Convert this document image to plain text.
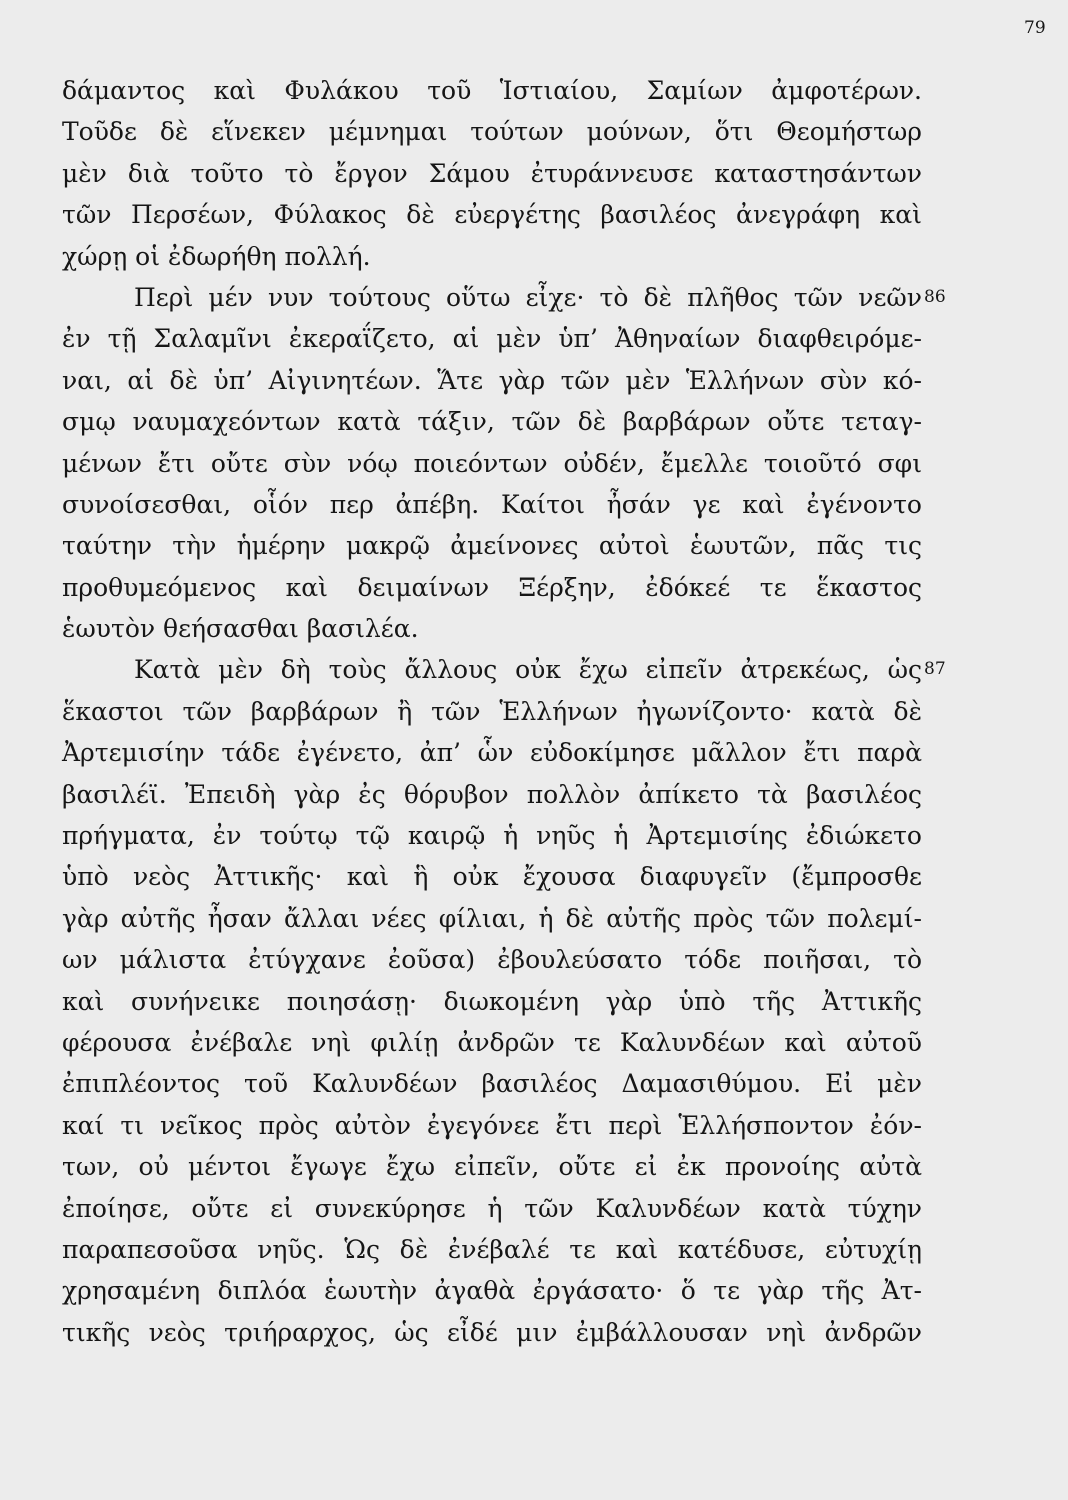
79
δάμαντος καὶ Φυλάκου τοῦ Ἱστιαίου, Σαμίων ἀμφοτέρων.
Τοῦδε δὲ εἵνεκεν μέμνημαι τούτων μούνων, ὅτι Θεομήστωρ
μὲν διὰ τοῦτο τὸ ἔργον Σάμου ἐτυράννευσε καταστησάντων
τῶν Περσέων, Φύλακος δὲ εὐεργέτης βασιλέος ἀνεγράφη καὶ
χώρῃ οἱ ἐδωρήθη πολλή.
Περὶ μέν νυν τούτους οὕτω εἶχε· τὸ δὲ πλῆθος τῶν νεῶν 86
ἐν τῇ Σαλαμῖνι ἐκεραΐζετο, αἱ μὲν ὑπ’ Ἀθηναίων διαφθειρόμε-
ναι, αἱ δὲ ὑπ’ Αἰγινητέων. Ἅτε γὰρ τῶν μὲν Ἑλλήνων σὺν κό-
σμῳ ναυμαχεόντων κατὰ τάξιν, τῶν δὲ βαρβάρων οὔτε τεταγ-
μένων ἔτι οὔτε σὺν νόῳ ποιεόντων οὐδέν, ἔμελλε τοιοῦτό σφι
συνοίσεσθαι, οἷόν περ ἀπέβη. Καίτοι ἦσάν γε καὶ ἐγένοντο
ταύτην τὴν ἡμέρην μακρῷ ἀμείνονες αὐτοὶ ἑωυτῶν, πᾶς τις
προθυμεόμενος καὶ δειμαίνων Ξέρξην, ἐδόκεέ τε ἕκαστος
ἑωυτὸν θεήσασθαι βασιλέα.
Κατὰ μὲν δὴ τοὺς ἄλλους οὐκ ἔχω εἰπεῖν ἀτρεκέως, ὡς 87
ἕκαστοι τῶν βαρβάρων ἢ τῶν Ἑλλήνων ἠγωνίζοντο· κατὰ δὲ
Ἀρτεμισίην τάδε ἐγένετο, ἀπ’ ὧν εὐδοκίμησε μᾶλλον ἔτι παρὰ
βασιλέϊ. Ἐπειδὴ γὰρ ἐς θόρυβον πολλὸν ἀπίκετο τὰ βασιλέος
πρήγματα, ἐν τούτῳ τῷ καιρῷ ἡ νηῦς ἡ Ἀρτεμισίης ἐδιώκετο
ὑπὸ νεὸς Ἀττικῆς· καὶ ἣ οὐκ ἔχουσα διαφυγεῖν (ἔμπροσθε
γὰρ αὐτῆς ἦσαν ἄλλαι νέες φίλιαι, ἡ δὲ αὐτῆς πρὸς τῶν πολεμί-
ων μάλιστα ἐτύγχανε ἐοῦσα) ἐβουλεύσατο τόδε ποιῆσαι, τὸ
καὶ συνήνεικε ποιησάσῃ· διωκομένη γὰρ ὑπὸ τῆς Ἀττικῆς
φέρουσα ἐνέβαλε νηὶ φιλίῃ ἀνδρῶν τε Καλυνδέων καὶ αὐτοῦ
ἐπιπλέοντος τοῦ Καλυνδέων βασιλέος Δαμασιθύμου. Εἰ μὲν
καί τι νεῖκος πρὸς αὐτὸν ἐγεγόνεε ἔτι περὶ Ἑλλήσποντον ἐόν-
των, οὐ μέντοι ἔγωγε ἔχω εἰπεῖν, οὔτε εἰ ἐκ προνοίης αὐτὰ
ἐποίησε, οὔτε εἰ συνεκύρησε ἡ τῶν Καλυνδέων κατὰ τύχην
παραπεσοῦσα νηῦς. Ὡς δὲ ἐνέβαλέ τε καὶ κατέδυσε, εὐτυχίῃ
χρησαμένη διπλόα ἑωυτὴν ἀγαθὰ ἐργάσατο· ὅ τε γὰρ τῆς Ἀτ-
τικῆς νεὸς τριήραρχος, ὡς εἶδέ μιν ἐμβάλλουσαν νηὶ ἀνδρῶν
